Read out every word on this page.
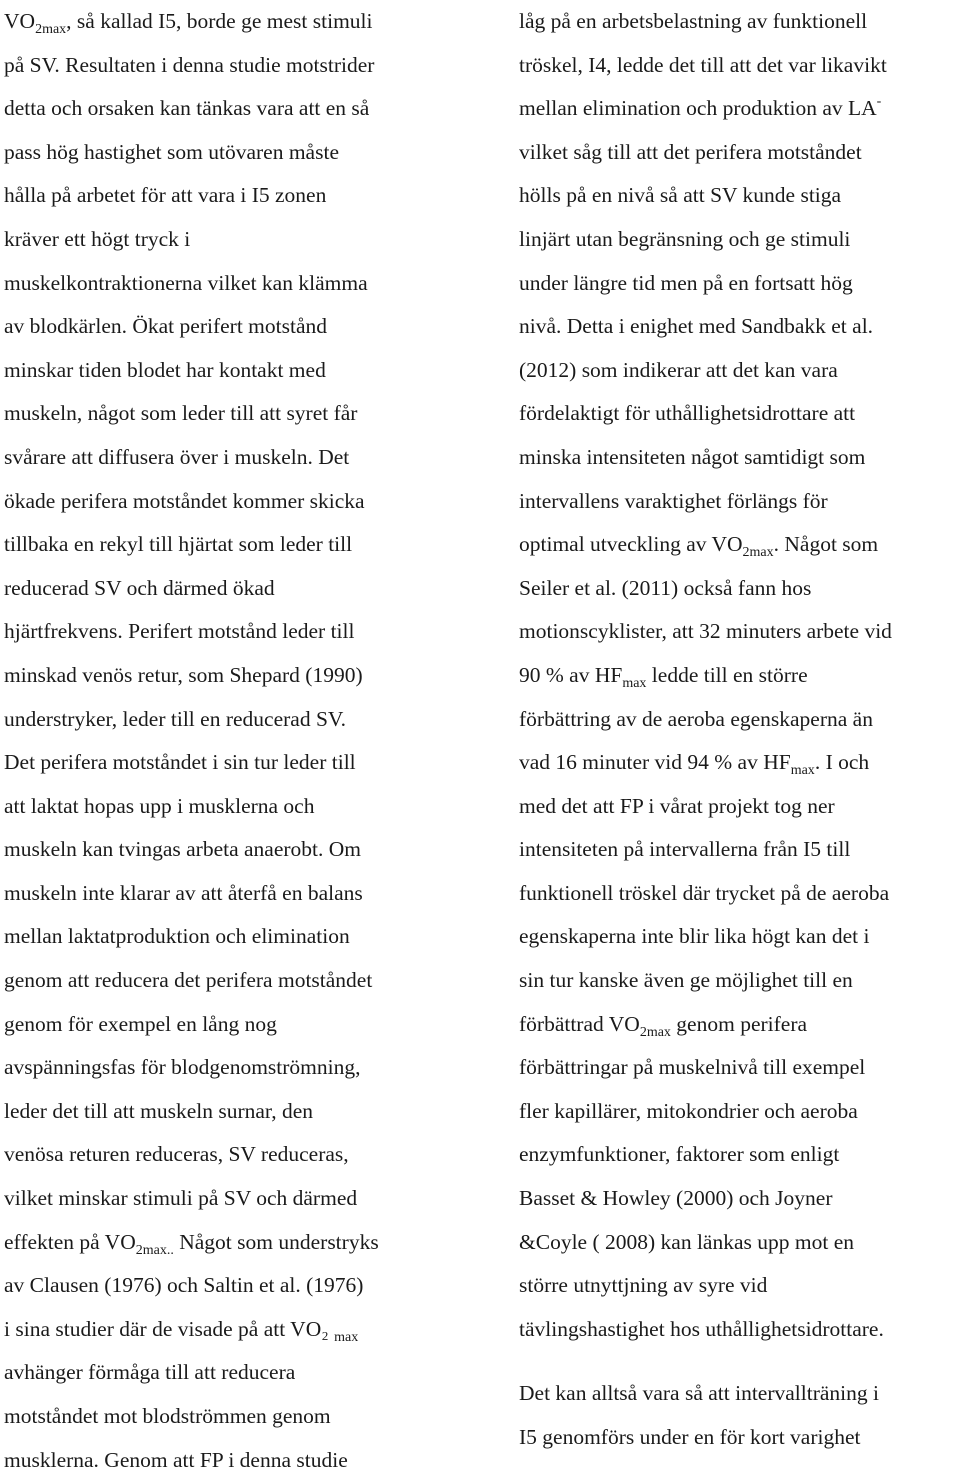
$VO_{2max}$, så kallad I5, borde ge mest stimuli
på SV. Resultaten i denna studie motstrider
detta och orsaken kan tänkas vara att en så
pass hög hastighet som utövaren måste
hålla på arbetet för att vara i I5 zonen
kräver ett högt tryck i
muskelkontraktionerna vilket kan klämma
av blodkärlen. Ökat perifert motstånd
minskar tiden blodet har kontakt med
muskeln, något som leder till att syret får
svårare att diffusera över i muskeln. Det
ökade perifera motståndet kommer skicka
tillbaka en rekyl till hjärtat som leder till
reducerad SV och därmed ökad
hjärtfrekvens. Perifert motstånd leder till
minskad venös retur, som Shepard (1990)
understryker, leder till en reducerad SV.
Det perifera motståndet i sin tur leder till
att laktat hopas upp i musklerna och
muskeln kan tvingas arbeta anaerobt. Om
muskeln inte klarar av att återfå en balans
mellan laktatproduktion och elimination
genom att reducera det perifera motståndet
genom för exempel en lång nog
avspänningsfas för blodgenomströmning,
leder det till att muskeln surnar, den
venösa returen reduceras, SV reduceras,
vilket minskar stimuli på SV och därmed
effekten på $VO_{2max..}$ Något som understryks
av Clausen (1976) och Saltin et al. (1976)
i sina studier där de visade på att VO₂ $_{max}$
avhänger förmåga till att reducera
motståndet mot blodströmmen genom
musklerna. Genom att FP i denna studie
låg på en arbetsbelastning av funktionell
tröskel, I4, ledde det till att det var likavikt
mellan elimination och produktion av LA-
vilket såg till att det perifera motståndet
hölls på en nivå så att SV kunde stiga
linjärt utan begränsning och ge stimuli
under längre tid men på en fortsatt hög
nivå. Detta i enighet med Sandbakk et al.
(2012) som indikerar att det kan vara
fördelaktigt för uthållighetsidrottare att
minska intensiteten något samtidigt som
intervallens varaktighet förlängs för
optimal utveckling av $VO_{2max}$. Något som
Seiler et al. (2011) också fann hos
motionscyklister, att 32 minuters arbete vid
90 % av $HF_{max}$ ledde till en större
förbättring av de aeroba egenskaperna än
vad 16 minuter vid 94 % av $HF_{max}$. I och
med det att FP i vårat projekt tog ner
intensiteten på intervallerna från I5 till
funktionell tröskel där trycket på de aeroba
egenskaperna inte blir lika högt kan det i
sin tur kanske även ge möjlighet till en
förbättrad $VO_{2max}$ genom perifera
förbättringar på muskelnivå till exempel
fler kapillärer, mitokondrier och aeroba
enzymfunktioner, faktorer som enligt
Basset & Howley (2000) och Joyner
&Coyle ( 2008) kan länkas upp mot en
större utnyttjning av syre vid
tävlingshastighet hos uthållighetsidrottare.
Det kan alltså vara så att intervallträning i
I5 genomförs under en för kort varighet
